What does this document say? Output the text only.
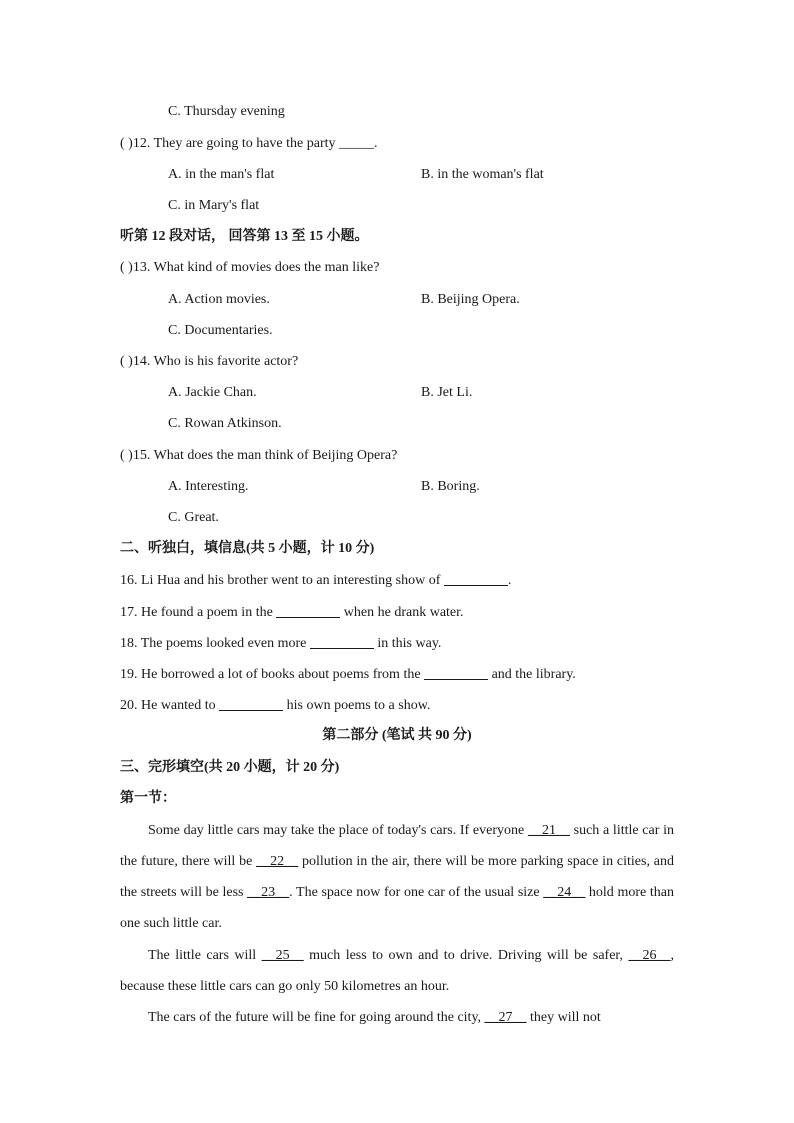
C. Thursday evening
( )12. They are going to have the party _____.
A. in the man's flat	B. in the woman's flat
C. in Mary's flat
听第 12 段对话， 回答第 13 至 15 小题。
( )13. What kind of movies does the man like?
A. Action movies.	B. Beijing Opera.
C. Documentaries.
( )14. Who is his favorite actor?
A. Jackie Chan.	B. Jet Li.
C. Rowan Atkinson.
( )15. What does the man think of Beijing Opera?
A. Interesting.	B. Boring.
C. Great.
二、听独白，填信息(共 5 小题，计 10 分)
16. Li Hua and his brother went to an interesting show of	.
17. He found a poem in the	when he drank water.
18. The poems looked even more	in this way.
19. He borrowed a lot of books about poems from the	and the library.
20. He wanted to	his own poems to a show.
第二部分 (笔试 共 90 分)
三、完形填空(共 20 小题，计 20 分)
第一节：
Some day little cars may take the place of today's cars. If everyone __21__ such a little car in the future, there will be __22__ pollution in the air, there will be more parking space in cities, and the streets will be less __23__. The space now for one car of the usual size __24__ hold more than one such little car.
The little cars will __25__ much less to own and to drive. Driving will be safer, __26__, because these little cars can go only 50 kilometres an hour.
The cars of the future will be fine for going around the city, __27__ they will not
